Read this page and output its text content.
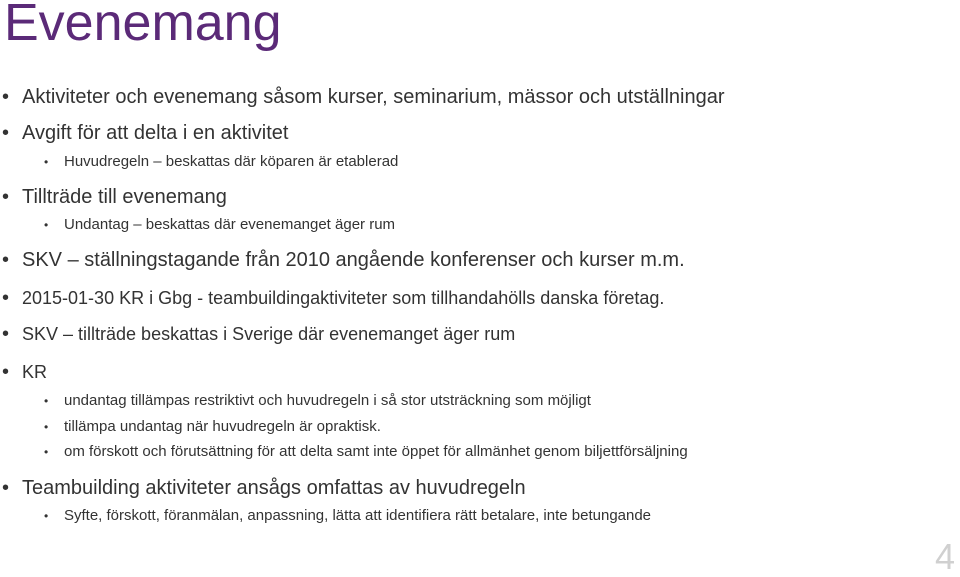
Evenemang
• Aktiviteter och evenemang såsom kurser, seminarium, mässor och utställningar
• Avgift för att delta i en aktivitet
• Huvudregeln – beskattas där köparen är etablerad
• Tillträde till evenemang
• Undantag – beskattas där evenemanget äger rum
• SKV – ställningstagande från 2010 angående konferenser och kurser m.m.
• 2015-01-30 KR i Gbg - teambuildingaktiviteter som tillhandahölls danska företag.
• SKV – tillträde beskattas i Sverige där evenemanget äger rum
• KR
• undantag tillämpas restriktivt och huvudregeln i så stor utsträckning som möjligt
• tillämpa undantag när huvudregeln är opraktisk.
• om förskott och förutsättning för att delta samt inte öppet för allmänhet genom biljettförsäljning
• Teambuilding aktiviteter ansågs omfattas av huvudregeln
• Syfte, förskott, föranmälan, anpassning, lätta att identifiera rätt betalare, inte betungande
4
